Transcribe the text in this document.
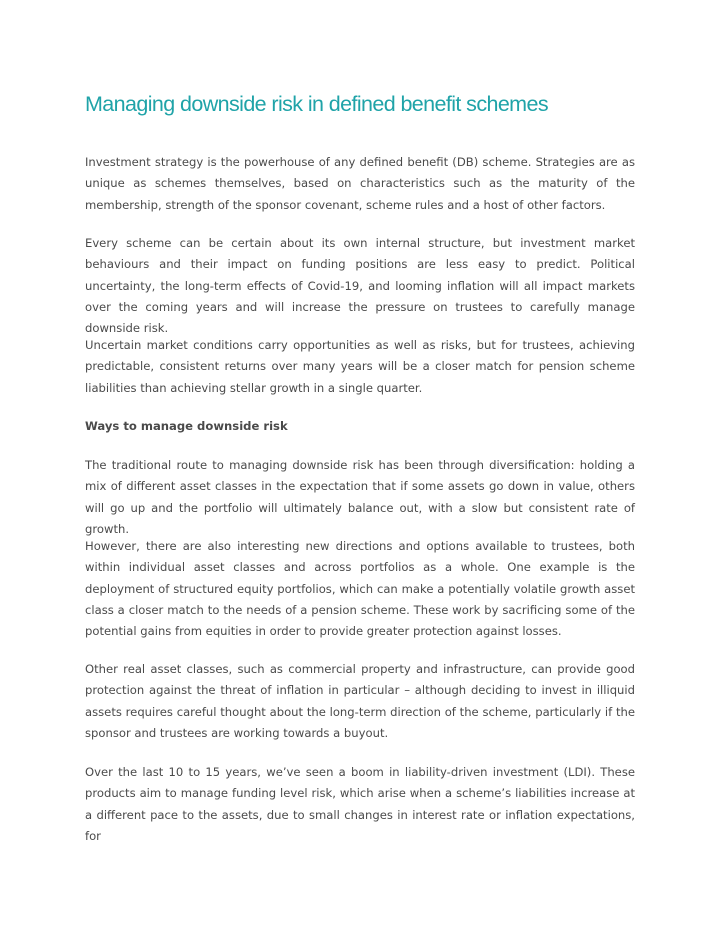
Managing downside risk in defined benefit schemes

Investment strategy is the powerhouse of any defined benefit (DB) scheme. Strategies are as unique as schemes themselves, based on characteristics such as the maturity of the membership, strength of the sponsor covenant, scheme rules and a host of other factors.

Every scheme can be certain about its own internal structure, but investment market behaviours and their impact on funding positions are less easy to predict. Political uncertainty, the long-term effects of Covid-19, and looming inflation will all impact markets over the coming years and will increase the pressure on trustees to carefully manage downside risk.

Uncertain market conditions carry opportunities as well as risks, but for trustees, achieving predictable, consistent returns over many years will be a closer match for pension scheme liabilities than achieving stellar growth in a single quarter.

Ways to manage downside risk

The traditional route to managing downside risk has been through diversification: holding a mix of different asset classes in the expectation that if some assets go down in value, others will go up and the portfolio will ultimately balance out, with a slow but consistent rate of growth.

However, there are also interesting new directions and options available to trustees, both within individual asset classes and across portfolios as a whole. One example is the deployment of structured equity portfolios, which can make a potentially volatile growth asset class a closer match to the needs of a pension scheme. These work by sacrificing some of the potential gains from equities in order to provide greater protection against losses.

Other real asset classes, such as commercial property and infrastructure, can provide good protection against the threat of inflation in particular – although deciding to invest in illiquid assets requires careful thought about the long-term direction of the scheme, particularly if the sponsor and trustees are working towards a buyout.

Over the last 10 to 15 years, we’ve seen a boom in liability-driven investment (LDI). These products aim to manage funding level risk, which arise when a scheme’s liabilities increase at a different pace to the assets, due to small changes in interest rate or inflation expectations, for
